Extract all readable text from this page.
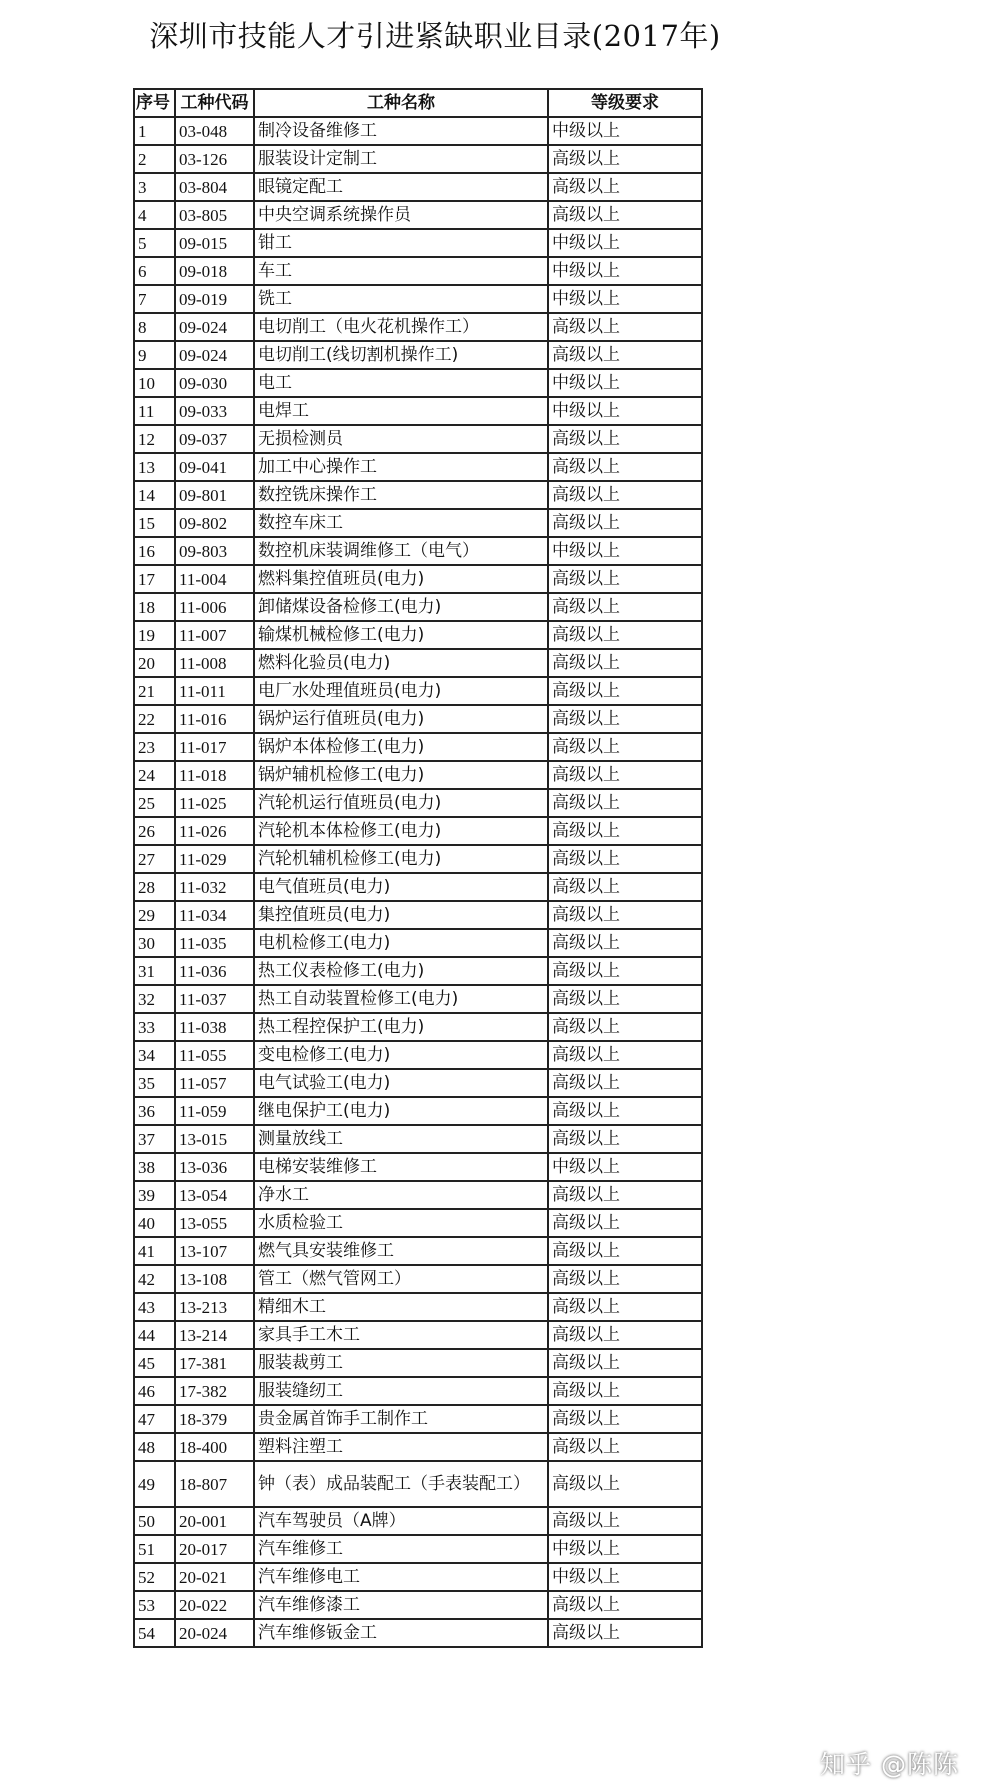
深圳市技能人才引进紧缺职业目录(2017年)
序号	工种代码	工种名称	等级要求
1	03-048	制冷设备维修工	中级以上
2	03-126	服装设计定制工	高级以上
3	03-804	眼镜定配工	高级以上
4	03-805	中央空调系统操作员	高级以上
5	09-015	钳工	中级以上
6	09-018	车工	中级以上
7	09-019	铣工	中级以上
8	09-024	电切削工（电火花机操作工）	高级以上
9	09-024	电切削工(线切割机操作工)	高级以上
10	09-030	电工	中级以上
11	09-033	电焊工	中级以上
12	09-037	无损检测员	高级以上
13	09-041	加工中心操作工	高级以上
14	09-801	数控铣床操作工	高级以上
15	09-802	数控车床工	高级以上
16	09-803	数控机床装调维修工（电气）	中级以上
17	11-004	燃料集控值班员(电力)	高级以上
18	11-006	卸储煤设备检修工(电力)	高级以上
19	11-007	输煤机械检修工(电力)	高级以上
20	11-008	燃料化验员(电力)	高级以上
21	11-011	电厂水处理值班员(电力)	高级以上
22	11-016	锅炉运行值班员(电力)	高级以上
23	11-017	锅炉本体检修工(电力)	高级以上
24	11-018	锅炉辅机检修工(电力)	高级以上
25	11-025	汽轮机运行值班员(电力)	高级以上
26	11-026	汽轮机本体检修工(电力)	高级以上
27	11-029	汽轮机辅机检修工(电力)	高级以上
28	11-032	电气值班员(电力)	高级以上
29	11-034	集控值班员(电力)	高级以上
30	11-035	电机检修工(电力)	高级以上
31	11-036	热工仪表检修工(电力)	高级以上
32	11-037	热工自动装置检修工(电力)	高级以上
33	11-038	热工程控保护工(电力)	高级以上
34	11-055	变电检修工(电力)	高级以上
35	11-057	电气试验工(电力)	高级以上
36	11-059	继电保护工(电力)	高级以上
37	13-015	测量放线工	高级以上
38	13-036	电梯安装维修工	中级以上
39	13-054	净水工	高级以上
40	13-055	水质检验工	高级以上
41	13-107	燃气具安装维修工	高级以上
42	13-108	管工（燃气管网工）	高级以上
43	13-213	精细木工	高级以上
44	13-214	家具手工木工	高级以上
45	17-381	服装裁剪工	高级以上
46	17-382	服装缝纫工	高级以上
47	18-379	贵金属首饰手工制作工	高级以上
48	18-400	塑料注塑工	高级以上
49	18-807	钟（表）成品装配工（手表装配工）	高级以上
50	20-001	汽车驾驶员（A牌）	高级以上
51	20-017	汽车维修工	中级以上
52	20-021	汽车维修电工	中级以上
53	20-022	汽车维修漆工	高级以上
54	20-024	汽车维修钣金工	高级以上
知乎 @陈陈
